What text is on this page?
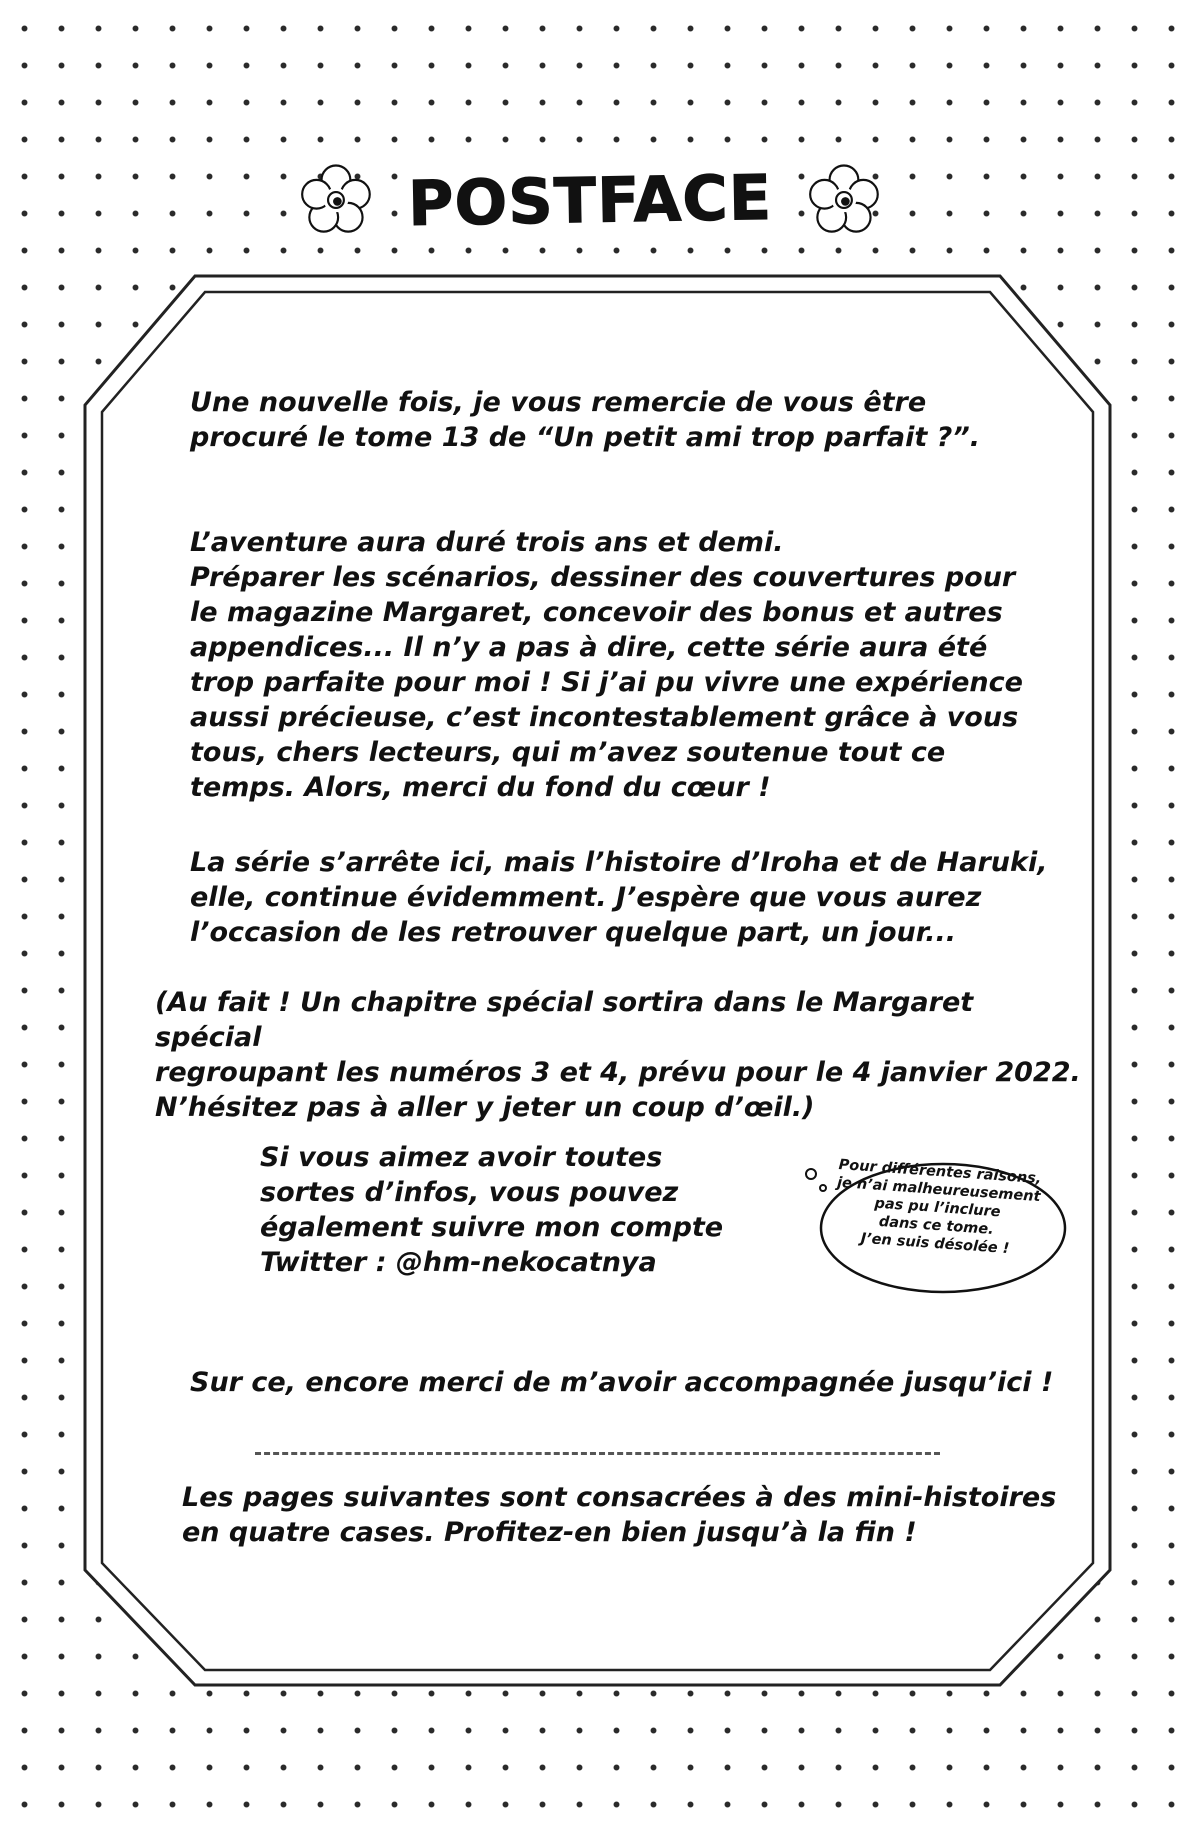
POSTFACE

Une nouvelle fois, je vous remercie de vous être
procuré le tome 13 de “Un petit ami trop parfait ?”.

L’aventure aura duré trois ans et demi.
Préparer les scénarios, dessiner des couvertures pour
le magazine Margaret, concevoir des bonus et autres
appendices... Il n’y a pas à dire, cette série aura été
trop parfaite pour moi ! Si j’ai pu vivre une expérience
aussi précieuse, c’est incontestablement grâce à vous
tous, chers lecteurs, qui m’avez soutenue tout ce
temps. Alors, merci du fond du cœur !

La série s’arrête ici, mais l’histoire d’Iroha et de Haruki,
elle, continue évidemment. J’espère que vous aurez
l’occasion de les retrouver quelque part, un jour...

(Au fait ! Un chapitre spécial sortira dans le Margaret spécial
regroupant les numéros 3 et 4, prévu pour le 4 janvier 2022.
N’hésitez pas à aller y jeter un coup d’œil.)

Si vous aimez avoir toutes
sortes d’infos, vous pouvez
également suivre mon compte
Twitter : @hm-nekocatnya

Pour différentes raisons,
je n’ai malheureusement
pas pu l’inclure
dans ce tome.
J’en suis désolée !

Sur ce, encore merci de m’avoir accompagnée jusqu’ici !

Les pages suivantes sont consacrées à des mini-histoires
en quatre cases. Profitez-en bien jusqu’à la fin !
